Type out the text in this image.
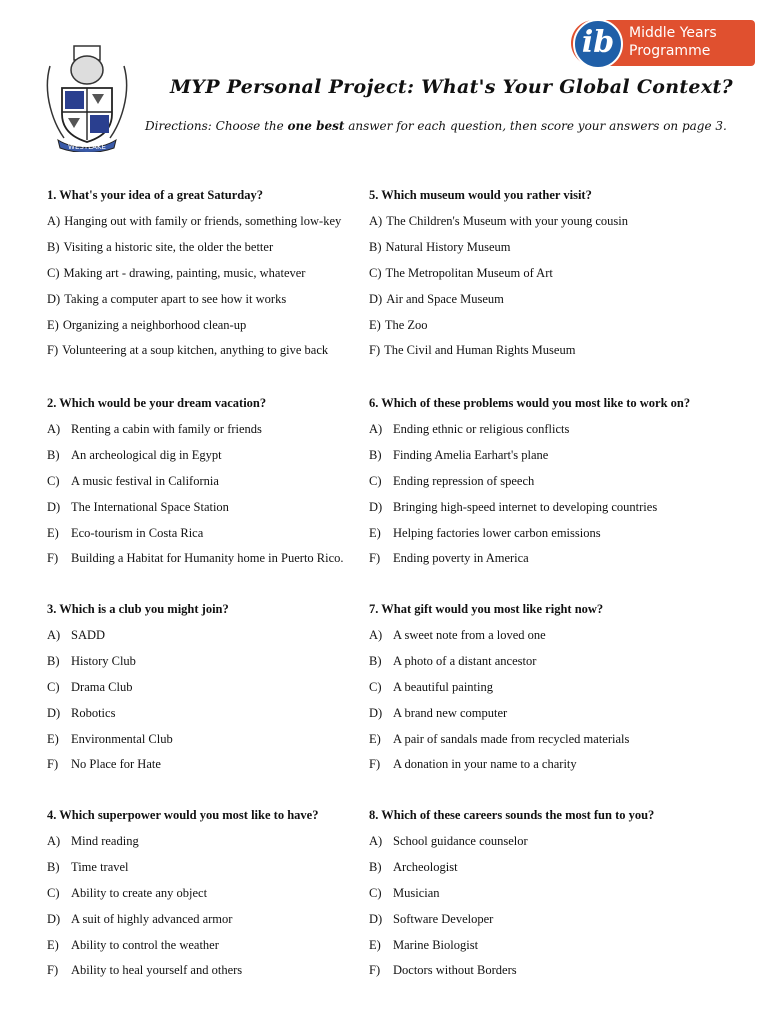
WESTLAKE
ib	Middle Years
Programme
MYP Personal Project: What's Your Global Context?
Directions: Choose the one best answer for each question, then score your answers on page 3.
1. What's your idea of a great Saturday?
A) Hanging out with family or friends, something low-key
B) Visiting a historic site, the older the better
C) Making art - drawing, painting, music, whatever
D) Taking a computer apart to see how it works
E) Organizing a neighborhood clean-up
F) Volunteering at a soup kitchen, anything to give back
2. Which would be your dream vacation?
A) Renting a cabin with family or friends
B) An archeological dig in Egypt
C) A music festival in California
D) The International Space Station
E) Eco-tourism in Costa Rica
F) Building a Habitat for Humanity home in Puerto Rico.
3. Which is a club you might join?
A) SADD
B) History Club
C) Drama Club
D) Robotics
E) Environmental Club
F) No Place for Hate
4. Which superpower would you most like to have?
A) Mind reading
B) Time travel
C) Ability to create any object
D) A suit of highly advanced armor
E) Ability to control the weather
F) Ability to heal yourself and others
5. Which museum would you rather visit?
A) The Children's Museum with your young cousin
B) Natural History Museum
C) The Metropolitan Museum of Art
D) Air and Space Museum
E) The Zoo
F) The Civil and Human Rights Museum
6. Which of these problems would you most like to work on?
A) Ending ethnic or religious conflicts
B) Finding Amelia Earhart's plane
C) Ending repression of speech
D) Bringing high-speed internet to developing countries
E) Helping factories lower carbon emissions
F) Ending poverty in America
7. What gift would you most like right now?
A) A sweet note from a loved one
B) A photo of a distant ancestor
C) A beautiful painting
D) A brand new computer
E) A pair of sandals made from recycled materials
F) A donation in your name to a charity
8. Which of these careers sounds the most fun to you?
A) School guidance counselor
B) Archeologist
C) Musician
D) Software Developer
E) Marine Biologist
F) Doctors without Borders
